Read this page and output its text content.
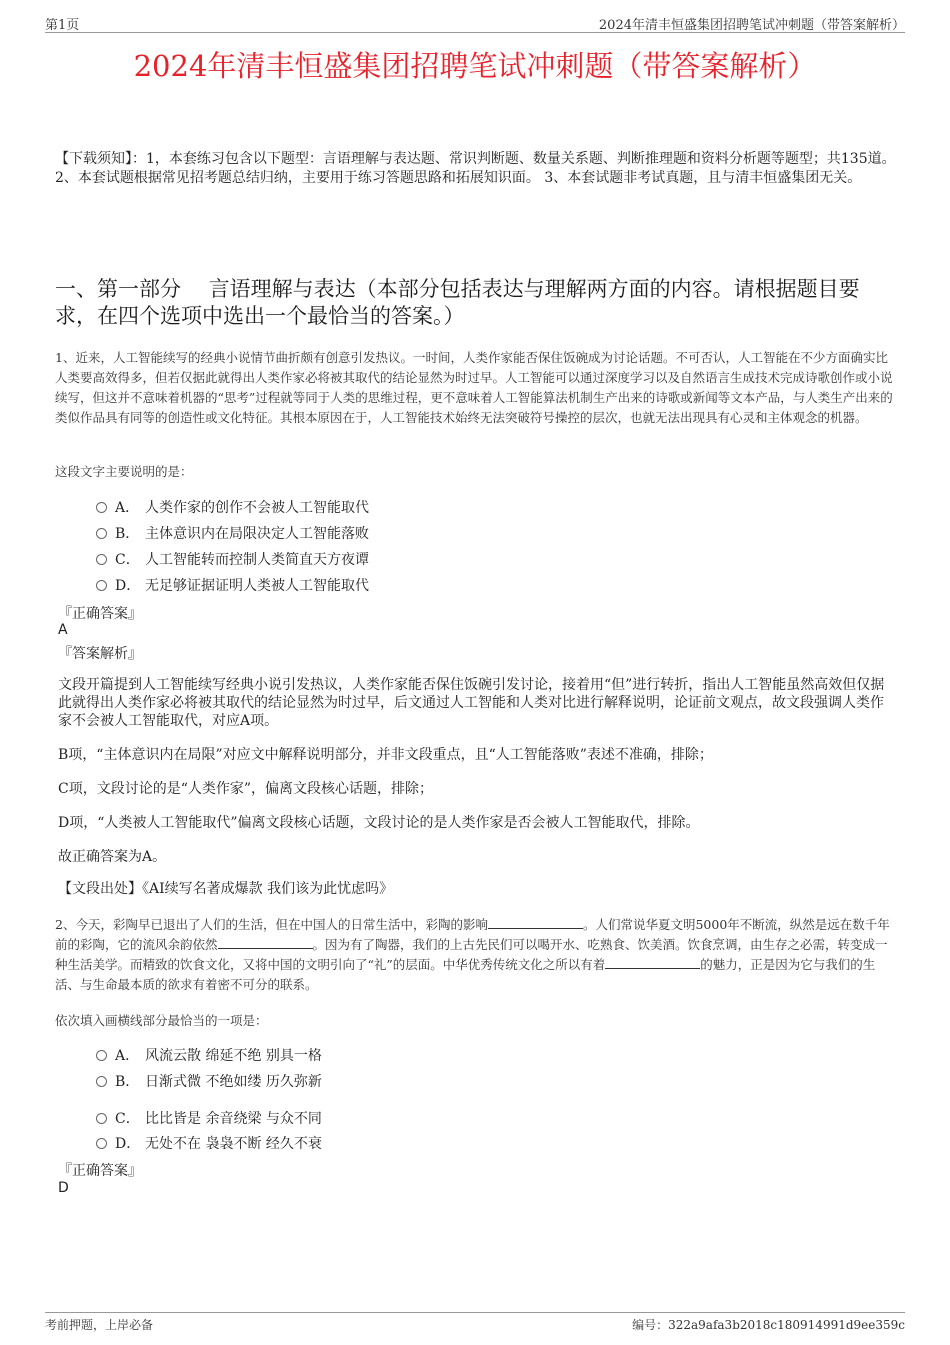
第1页	2024年清丰恒盛集团招聘笔试冲刺题（带答案解析）
2024年清丰恒盛集团招聘笔试冲刺题（带答案解析）
【下载须知】：1，本套练习包含以下题型：言语理解与表达题、常识判断题、数量关系题、判断推理题和资料分析题等题型；共135道。 2、本套试题根据常见招考题总结归纳，主要用于练习答题思路和拓展知识面。 3、本套试题非考试真题，且与清丰恒盛集团无关。
一、第一部分　 言语理解与表达（本部分包括表达与理解两方面的内容。请根据题目要求，在四个选项中选出一个最恰当的答案。）
1、近来，人工智能续写的经典小说情节曲折颇有创意引发热议。一时间，人类作家能否保住饭碗成为讨论话题。不可否认，人工智能在不少方面确实比人类要高效得多，但若仅据此就得出人类作家必将被其取代的结论显然为时过早。人工智能可以通过深度学习以及自然语言生成技术完成诗歌创作或小说续写，但这并不意味着机器的“思考”过程就等同于人类的思维过程，更不意味着人工智能算法机制生产出来的诗歌或新闻等文本产品，与人类生产出来的类似作品具有同等的创造性或文化特征。其根本原因在于，人工智能技术始终无法突破符号操控的层次，也就无法出现具有心灵和主体观念的机器。
这段文字主要说明的是：
A． 人类作家的创作不会被人工智能取代
B． 主体意识内在局限决定人工智能落败
C． 人工智能转而控制人类简直天方夜谭
D． 无足够证据证明人类被人工智能取代
『正确答案』
A
『答案解析』
文段开篇提到人工智能续写经典小说引发热议，人类作家能否保住饭碗引发讨论，接着用“但”进行转折，指出人工智能虽然高效但仅据此就得出人类作家必将被其取代的结论显然为时过早，后文通过人工智能和人类对比进行解释说明，论证前文观点，故文段强调人类作家不会被人工智能取代，对应A项。
B项，“主体意识内在局限”对应文中解释说明部分，并非文段重点，且“人工智能落败”表述不准确，排除；
C项，文段讨论的是“人类作家”，偏离文段核心话题，排除；
D项，“人类被人工智能取代”偏离文段核心话题，文段讨论的是人类作家是否会被人工智能取代，排除。
故正确答案为A。
【文段出处】《AI续写名著成爆款 我们该为此忧虑吗》
2、今天，彩陶早已退出了人们的生活，但在中国人的日常生活中，彩陶的影响	。人们常说华夏文明5000年不断流，纵然是远在数千年前的彩陶，它的流风余韵依然	。因为有了陶器，我们的上古先民们可以喝开水、吃熟食、饮美酒。饮食烹调，由生存之必需，转变成一种生活美学。而精致的饮食文化，又将中国的文明引向了“礼”的层面。中华优秀传统文化之所以有着	的魅力，正是因为它与我们的生活、与生命最本质的欲求有着密不可分的联系。
依次填入画横线部分最恰当的一项是：
A． 风流云散 绵延不绝 别具一格
B． 日渐式微 不绝如缕 历久弥新
C． 比比皆是 余音绕梁 与众不同
D． 无处不在 袅袅不断 经久不衰
『正确答案』
D
考前押题，上岸必备	编号：322a9afa3b2018c180914991d9ee359c
